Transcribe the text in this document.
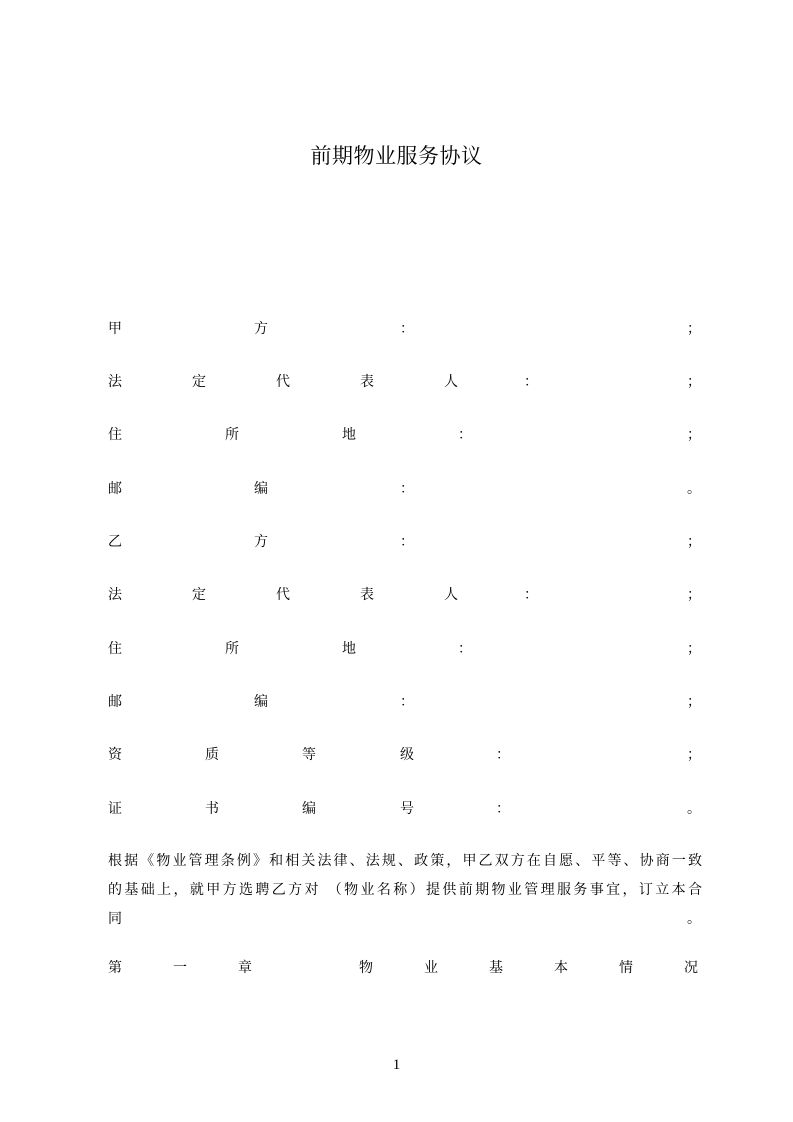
前期物业服务协议
甲	方	：	；
法	定	代	表	人	：	；
住	所	地	：	；
邮	编	：	。
乙	方	：	；
法	定	代	表	人	：	；
住	所	地	：	；
邮	编	：	；
资	质	等	级	：	；
证	书	编	号	：	。
根据《物业管理条例》和相关法律、法规、政策，甲乙双方在自愿、平等、协商一致
的基础上，就甲方选聘乙方对 （物业名称）提供前期物业管理服务事宜，订立本合
同	。
第	一	章	物	业	基	本	情	况
1
